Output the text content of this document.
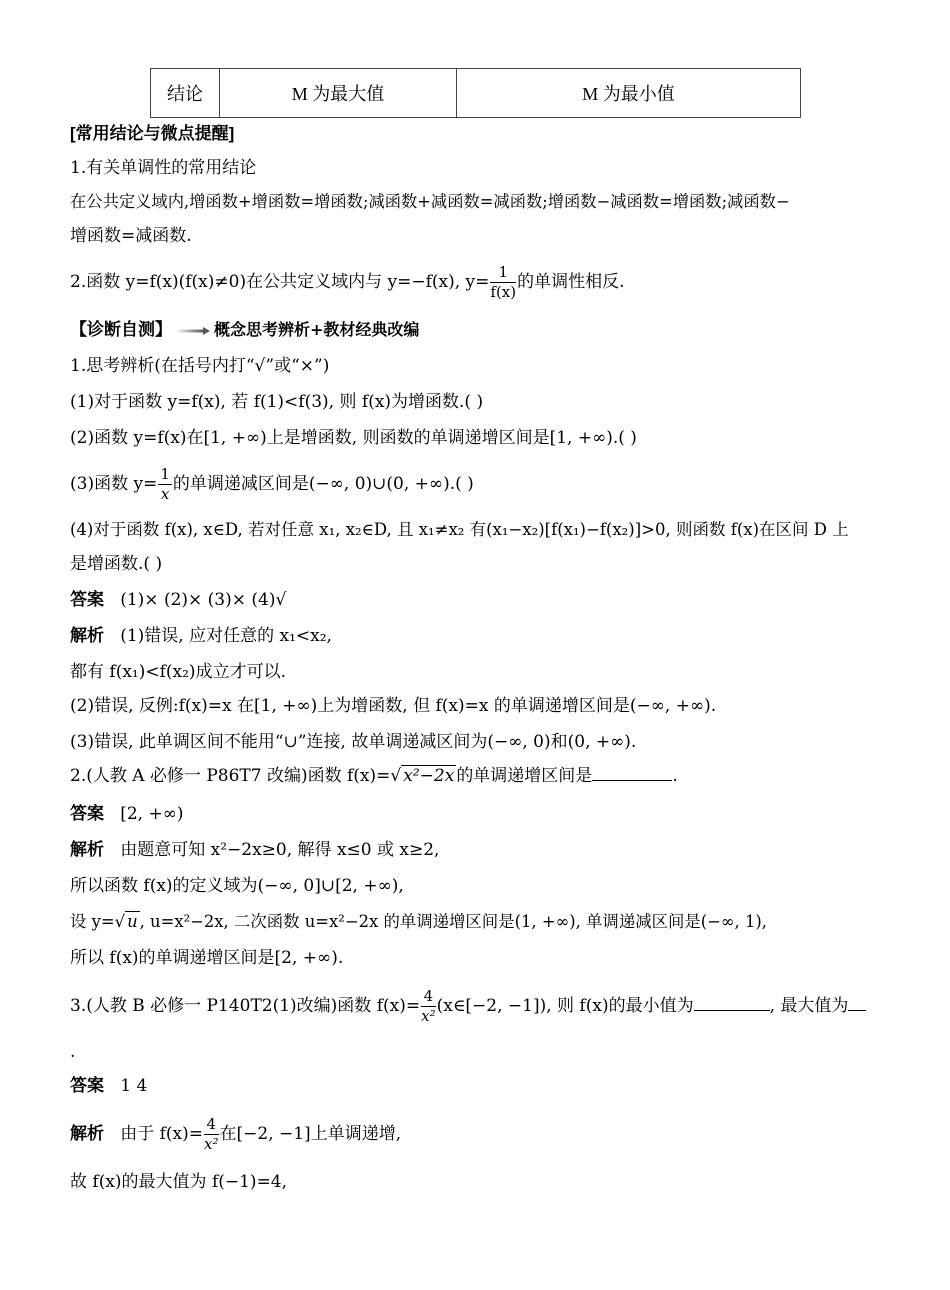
结论	M 为最大值	M 为最小值
[常用结论与微点提醒]
1.有关单调性的常用结论
在公共定义域内,增函数+增函数=增函数;减函数+减函数=减函数;增函数−减函数=增函数;减函数−
增函数=减函数.
2.函数 y=f(x)(f(x)≠0)在公共定义域内与 y=−f(x), $y= \frac{1}{f(x)}$ 的单调性相反.
【诊断自测】	概念思考辨析+教材经典改编
1.思考辨析(在括号内打“√”或“×”)
(1)对于函数 y=f(x), 若 f(1)<f(3), 则 f(x)为增函数.( )
(2)函数 y=f(x)在[1, +∞)上是增函数, 则函数的单调递增区间是[1, +∞).( )
(3)函数 $y= \frac{1}{x}$ 的单调递减区间是(−∞, 0)∪(0, +∞).( )
(4)对于函数 f(x), x∈D, 若对任意 x₁, x₂∈D, 且 x₁≠x₂ 有(x₁−x₂)[f(x₁)−f(x₂)]>0, 则函数 f(x)在区间 D 上
是增函数.( )
答案 (1)× (2)× (3)× (4)√
解析 (1)错误, 应对任意的 x₁<x₂,
都有 f(x₁)<f(x₂)成立才可以.
(2)错误, 反例:f(x)=x 在[1, +∞)上为增函数, 但 f(x)=x 的单调递增区间是(−∞, +∞).
(3)错误, 此单调区间不能用“∪”连接, 故单调递减区间为(−∞, 0)和(0, +∞).
2.(人教 A 必修一 P86T7 改编)函数 f(x)=√ x²−2x 的单调递增区间是	.
答案 [2, +∞)
解析 由题意可知 x²−2x≥0, 解得 x≤0 或 x≥2,
所以函数 f(x)的定义域为(−∞, 0]∪[2, +∞),
设 y=√ u , u=x²−2x, 二次函数 u=x²−2x 的单调递增区间是(1, +∞), 单调递减区间是(−∞, 1),
所以 f(x)的单调递增区间是[2, +∞).
3.(人教 B 必修一 P140T2(1)改编)函数 $f(x)= \frac{4}{\text{x²}}$ (x∈[−2, −1]), 则 f(x)的最小值为	, 最大值为
.
答案 1 4
解析 由于 $f(x)= \frac{4}{\text{x²}}$ 在[−2, −1]上单调递增,
故 f(x)的最大值为 f(−1)=4,
